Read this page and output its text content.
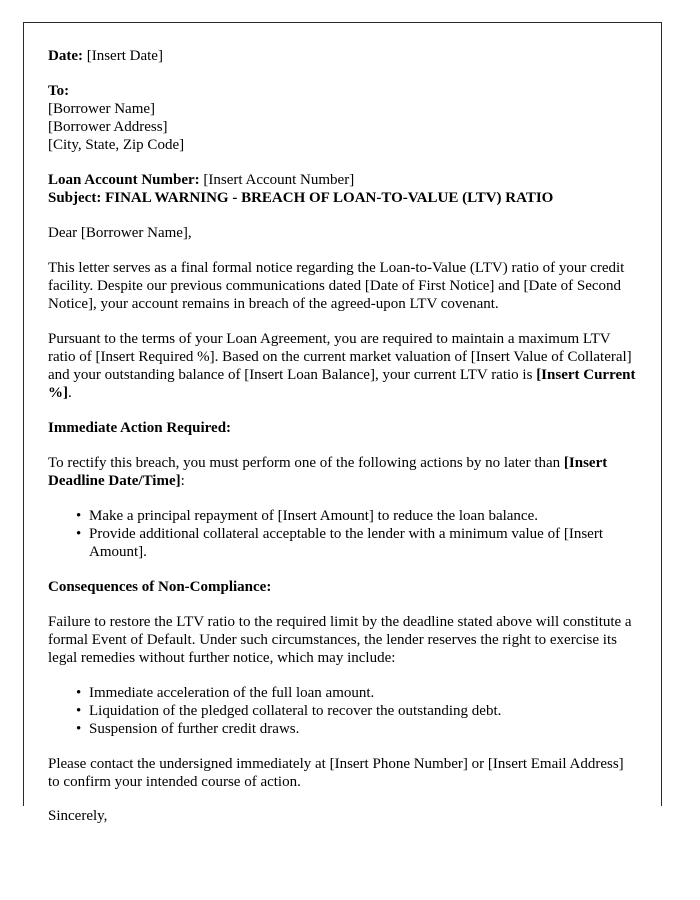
Date: [Insert Date]

To:
[Borrower Name]
[Borrower Address]
[City, State, Zip Code]
Loan Account Number: [Insert Account Number]
Subject: FINAL WARNING - BREACH OF LOAN-TO-VALUE (LTV) RATIO

Dear [Borrower Name],

This letter serves as a final formal notice regarding the Loan-to-Value (LTV) ratio of your credit facility. Despite our previous communications dated [Date of First Notice] and [Date of Second Notice], your account remains in breach of the agreed-upon LTV covenant.

Pursuant to the terms of your Loan Agreement, you are required to maintain a maximum LTV ratio of [Insert Required %]. Based on the current market valuation of [Insert Value of Collateral] and your outstanding balance of [Insert Loan Balance], your current LTV ratio is [Insert Current %].

Immediate Action Required:

To rectify this breach, you must perform one of the following actions by no later than [Insert Deadline Date/Time]:

• Make a principal repayment of [Insert Amount] to reduce the loan balance.
• Provide additional collateral acceptable to the lender with a minimum value of [Insert Amount].

Consequences of Non-Compliance:

Failure to restore the LTV ratio to the required limit by the deadline stated above will constitute a formal Event of Default. Under such circumstances, the lender reserves the right to exercise its legal remedies without further notice, which may include:

• Immediate acceleration of the full loan amount.
• Liquidation of the pledged collateral to recover the outstanding debt.
• Suspension of further credit draws.

Please contact the undersigned immediately at [Insert Phone Number] or [Insert Email Address] to confirm your intended course of action.

Sincerely,
